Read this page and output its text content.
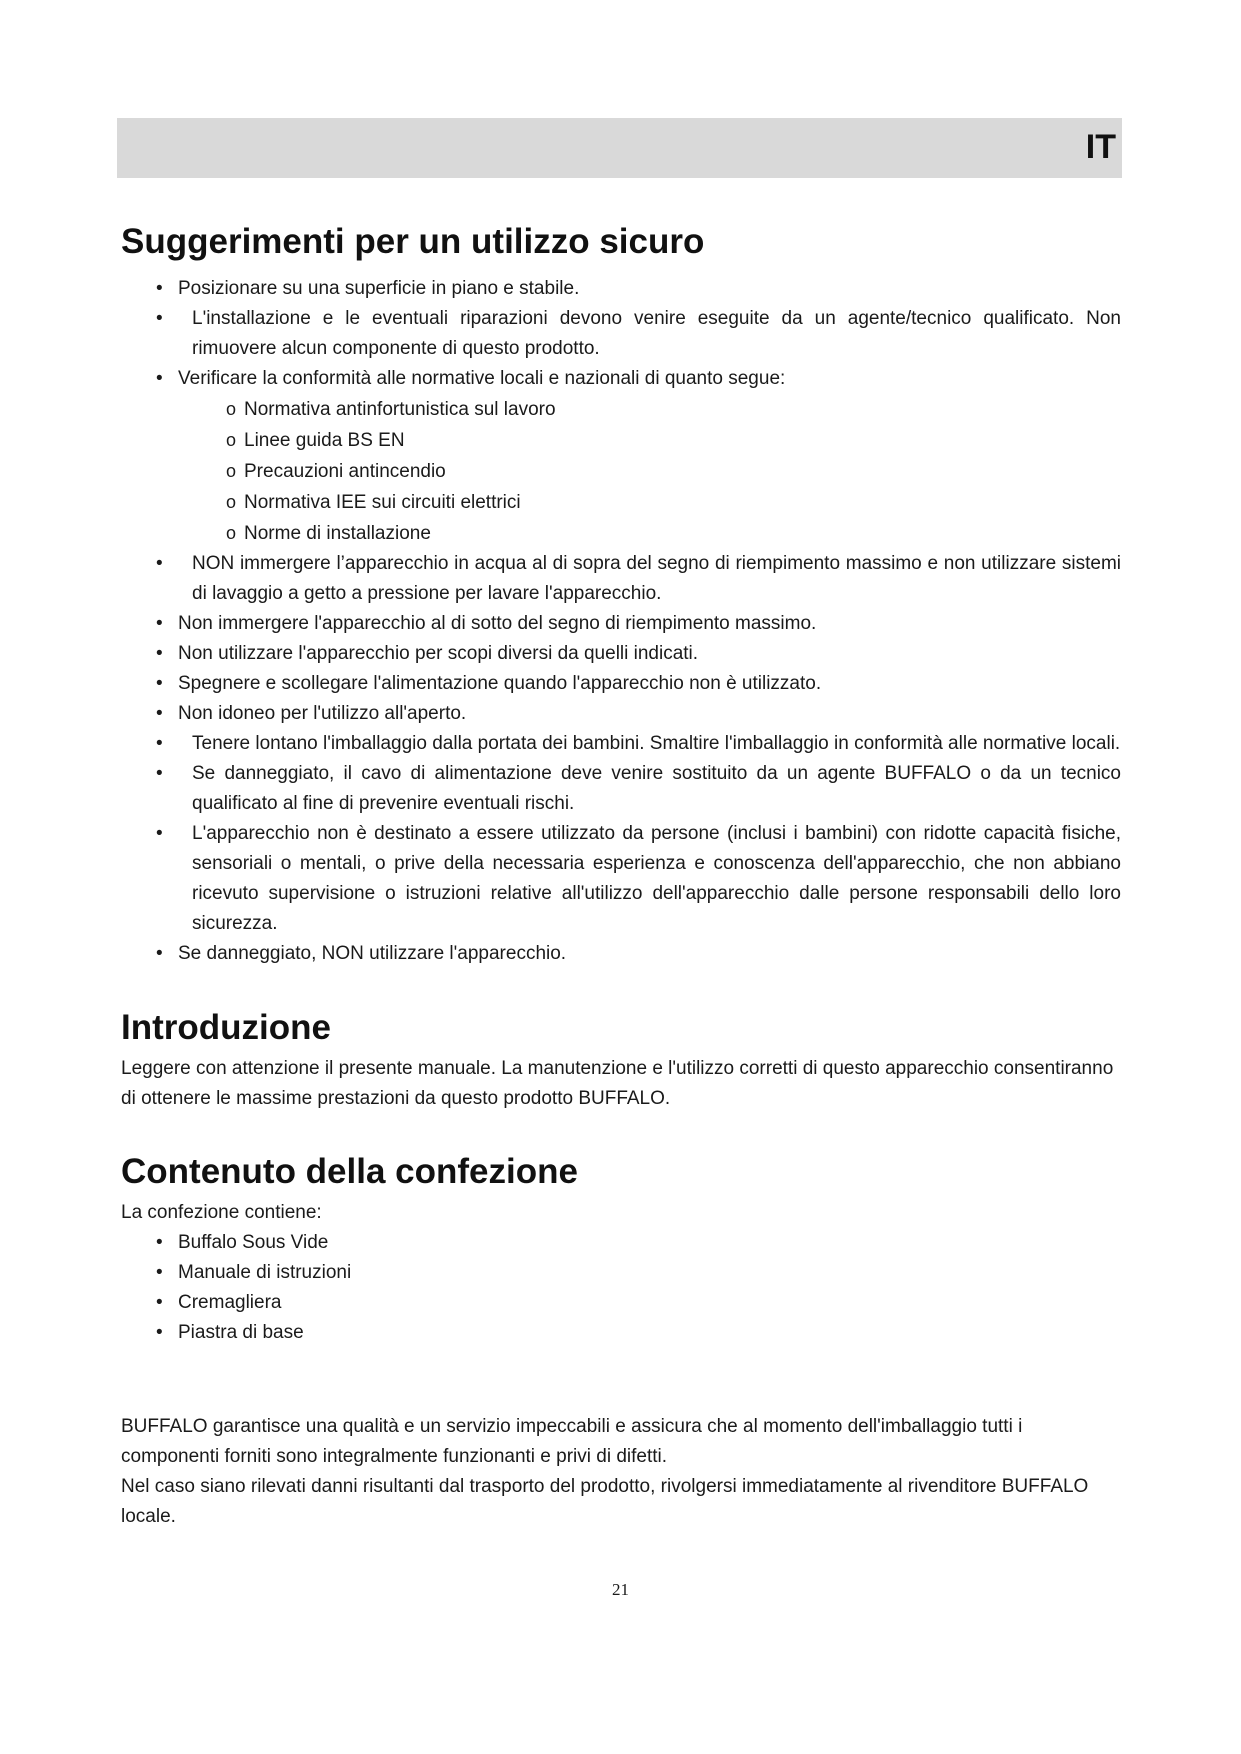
IT
Suggerimenti per un utilizzo sicuro
• Posizionare su una superficie in piano e stabile.
• L'installazione e le eventuali riparazioni devono venire eseguite da un agente/tecnico qualificato. Non rimuovere alcun componente di questo prodotto.
• Verificare la conformità alle normative locali e nazionali di quanto segue:
o Normativa antinfortunistica sul lavoro
o Linee guida BS EN
o Precauzioni antincendio
o Normativa IEE sui circuiti elettrici
o Norme di installazione
• NON immergere l’apparecchio in acqua al di sopra del segno di riempimento massimo e non utilizzare sistemi di lavaggio a getto a pressione per lavare l'apparecchio.
• Non immergere l'apparecchio al di sotto del segno di riempimento massimo.
• Non utilizzare l'apparecchio per scopi diversi da quelli indicati.
• Spegnere e scollegare l'alimentazione quando l'apparecchio non è utilizzato.
• Non idoneo per l'utilizzo all'aperto.
• Tenere lontano l'imballaggio dalla portata dei bambini. Smaltire l'imballaggio in conformità alle normative locali.
• Se danneggiato, il cavo di alimentazione deve venire sostituito da un agente BUFFALO o da un tecnico qualificato al fine di prevenire eventuali rischi.
• L'apparecchio non è destinato a essere utilizzato da persone (inclusi i bambini) con ridotte capacità fisiche, sensoriali o mentali, o prive della necessaria esperienza e conoscenza dell'apparecchio, che non abbiano ricevuto supervisione o istruzioni relative all'utilizzo dell'apparecchio dalle persone responsabili dello loro sicurezza.
• Se danneggiato, NON utilizzare l'apparecchio.
Introduzione

Leggere con attenzione il presente manuale. La manutenzione e l'utilizzo corretti di questo apparecchio consentiranno di ottenere le massime prestazioni da questo prodotto BUFFALO.

Contenuto della confezione

La confezione contiene:

• Buffalo Sous Vide
• Manuale di istruzioni
• Cremagliera
• Piastra di base

BUFFALO garantisce una qualità e un servizio impeccabili e assicura che al momento dell'imballaggio tutti i componenti forniti sono integralmente funzionanti e privi di difetti.

Nel caso siano rilevati danni risultanti dal trasporto del prodotto, rivolgersi immediatamente al rivenditore BUFFALO locale.

21
